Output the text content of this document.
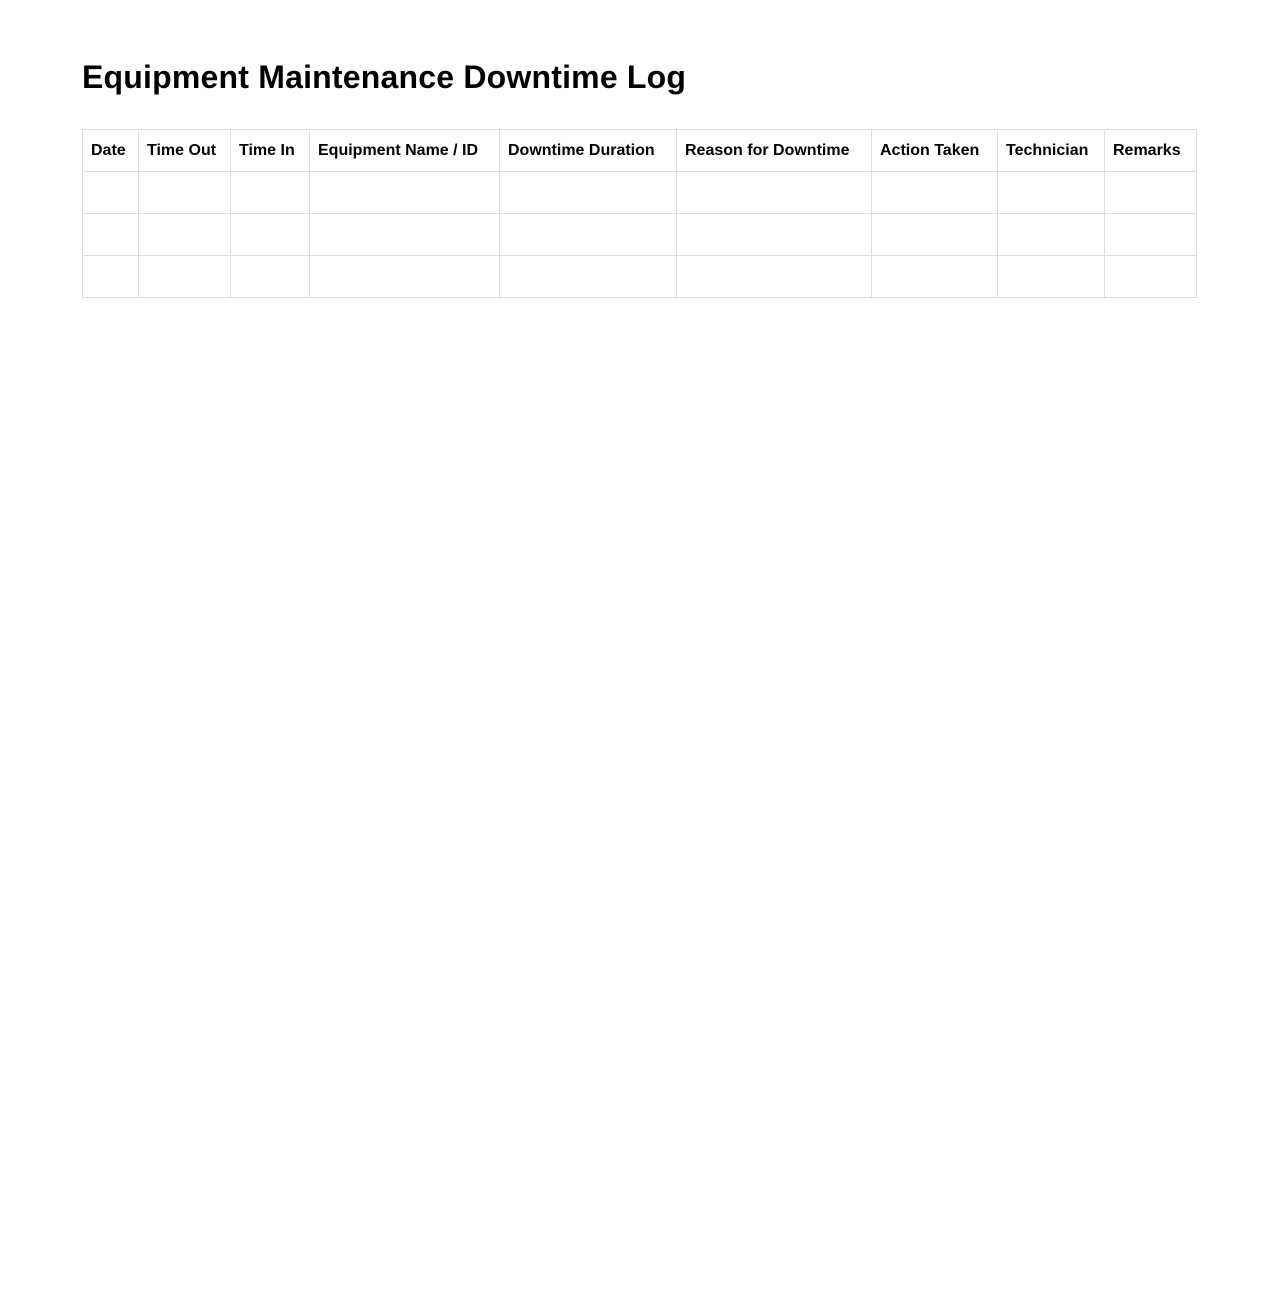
Equipment Maintenance Downtime Log
Date	Time Out	Time In	Equipment Name / ID	Downtime Duration	Reason for Downtime	Action Taken	Technician	Remarks
